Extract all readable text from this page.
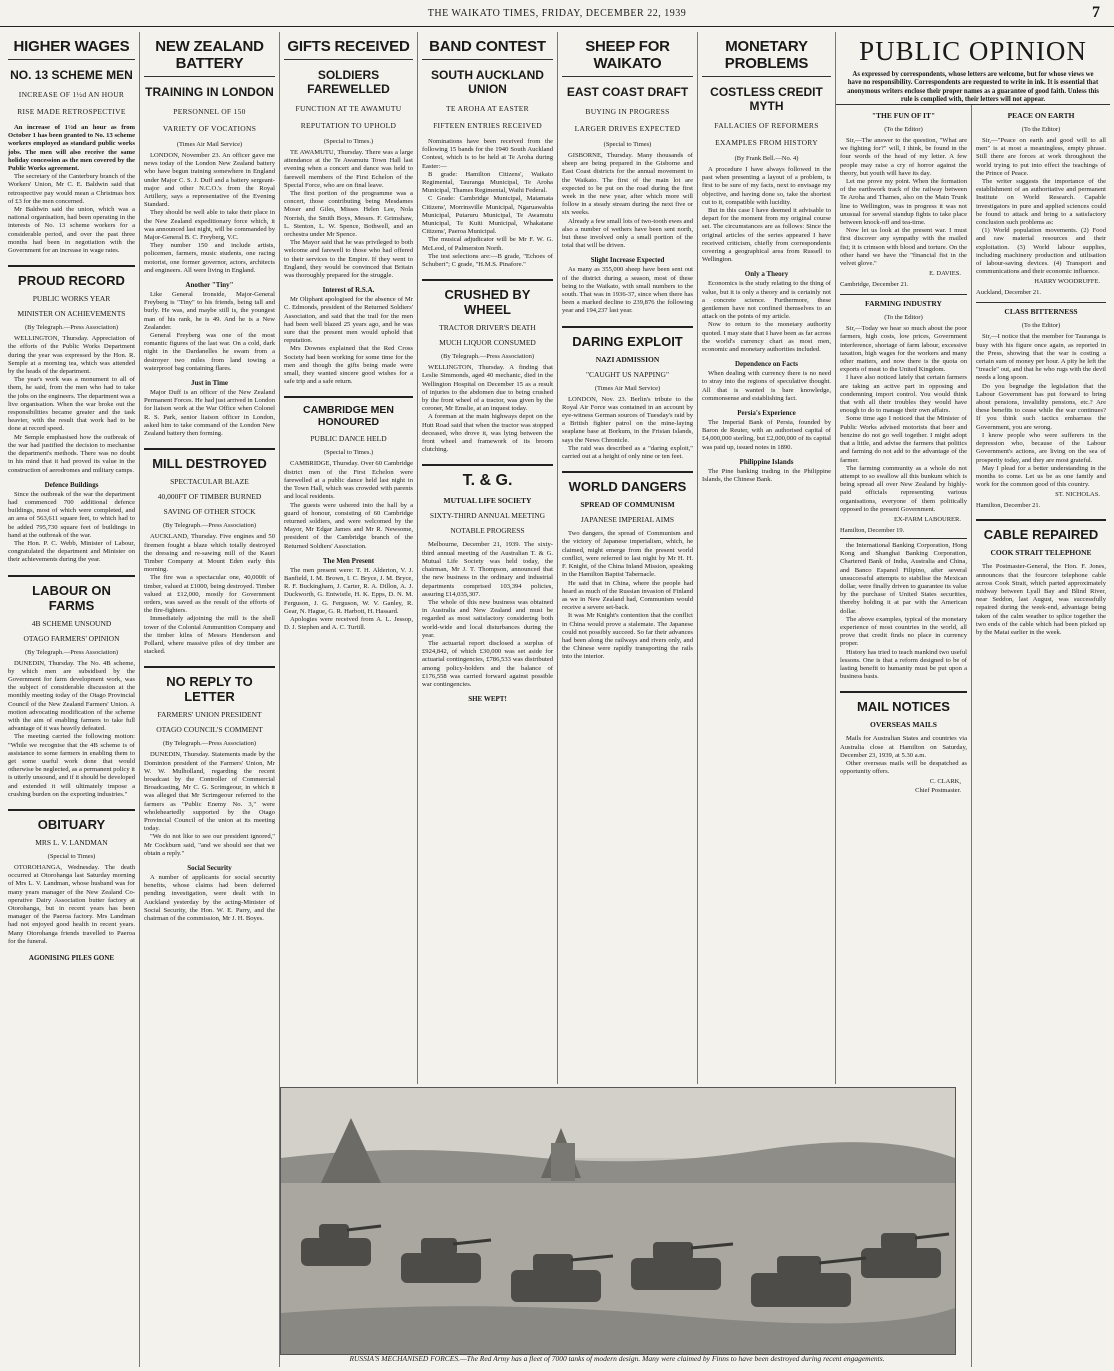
THE WAIKATO TIMES, FRIDAY, DECEMBER 22, 1939	7
HIGHER WAGES
NO. 13 SCHEME MEN
INCREASE OF 1½d AN HOUR
RISE MADE RETROSPECTIVE

An increase of 1½d an hour as from October 1 has been granted to No. 13 scheme workers employed as standard public works jobs. The men will also receive the same holiday concession as the men covered by the Public Works agreement.

The secretary of the Canterbury branch of the Workers' Union, Mr C. E. Baldwin said that retrospective pay would mean a Christmas box of £3 for the men concerned.

Mr Baldwin said the union, which was a national organisation, had been operating in the interests of No. 13 scheme workers for a considerable period, and over the past three months had been in negotiation with the Government for an increase in wage rates.

PROUD RECORD
PUBLIC WORKS YEAR
MINISTER ON ACHIEVEMENTS
(By Telegraph.—Press Association)

WELLINGTON, Thursday. Appreciation of the efforts of the Public Works Department during the year was expressed by the Hon. R. Semple at a morning tea, which was attended by the heads of the department.

The year's work was a monument to all of them, he said, from the men who had to take the jobs on the engineers. The department was a live organisation. When the war broke out the responsibilities became greater and the task heavier, with the result that work had to be done at record speed.

Mr Semple emphasised how the outbreak of the war had justified the decision to mechanise the department's methods. There was no doubt in his mind that it had proved its value in the construction of aerodromes and military camps.

Defence Buildings

Since the outbreak of the war the department had commenced 700 additional defence buildings, most of which were completed, and an area of 563,611 square feet, to which had to be added 795,730 square feet of buildings in hand at the outbreak of the war.

The Hon. P. C. Webb, Minister of Labour, congratulated the department and Minister on their achievements during the year.

LABOUR ON FARMS
4B SCHEME UNSOUND
OTAGO FARMERS' OPINION
(By Telegraph.—Press Association)

DUNEDIN, Thursday. The No. 4B scheme, by which men are subsidised by the Government for farm development work, was the subject of considerable discussion at the monthly meeting today of the Otago Provincial Council of the New Zealand Farmers' Union. A motion advocating modification of the scheme with the aim of enabling farmers to take full advantage of it was heavily defeated.

The meeting carried the following motion: "While we recognise that the 4B scheme is of assistance to some farmers in enabling them to get some useful work done that would otherwise be neglected, as a permanent policy it is utterly unsound, and if it should be developed and extended it will ultimately impose a crushing burden on the exporting industries."

OBITUARY
MRS L. V. LANDMAN
(Special to Times)

OTOROHANGA, Wednesday. The death occurred at Otorohanga last Saturday morning of Mrs L. V. Landman, whose husband was for many years manager of the New Zealand Co-operative Dairy Association butter factory at Otorohanga, but in recent years has been manager of the Paeroa factory. Mrs Landman had not enjoyed good health in recent years. Many Otorohanga friends travelled to Paeroa for the funeral.

AGONISING PILES GONE
NEW ZEALAND BATTERY
TRAINING IN LONDON
PERSONNEL OF 150
VARIETY OF VOCATIONS
(Times Air Mail Service)

LONDON, November 23. An officer gave me news today of the London New Zealand battery who have begun training somewhere in England under Major C. S. J. Duff and a battery sergeant-major and other N.C.O.'s from the Royal Artillery, says a representative of the Evening Standard.

They should be well able to take their place in the New Zealand expeditionary force which, it was announced last night, will be commanded by Major-General B. C. Freyberg, V.C.

They number 150 and include artists, policemen, farmers, music students, one racing motorist, one former governor, actors, architects and engineers. All were living in England.

Another "Tiny"

Like General Ironside, Major-General Freyberg is "Tiny" to his friends, being tall and burly. He was, and maybe still is, the youngest man of his rank, he is 49. And he is a New Zealander.

General Freyberg was one of the most romantic figures of the last war. On a cold, dark night in the Dardanelles he swam from a destroyer two miles from land towing a waterproof bag containing flares.

Just in Time

Major Duff is an officer of the New Zealand Permanent Forces. He had just arrived in London for liaison work at the War Office when Colonel R. S. Park, senior liaison officer in London, asked him to take command of the London New Zealand battery then forming.

MILL DESTROYED
SPECTACULAR BLAZE
40,000FT OF TIMBER BURNED
SAVING OF OTHER STOCK
(By Telegraph.—Press Association)

AUCKLAND, Thursday. Five engines and 50 firemen fought a blaze which totally destroyed the dressing and re-sawing mill of the Kauri Timber Company at Mount Eden early this morning.

The fire was a spectacular one, 40,000ft of timber, valued at £1000, being destroyed. Timber valued at £12,000, mostly for Government orders, was saved as the result of the efforts of the fire-fighters.

Immediately adjoining the mill is the shell tower of the Colonial Ammunition Company and the timber kilns of Messrs Henderson and Pollard, where massive piles of dry timber are stacked.

NO REPLY TO LETTER
FARMERS' UNION PRESIDENT
OTAGO COUNCIL'S COMMENT
(By Telegraph.—Press Association)

DUNEDIN, Thursday. Statements made by the Dominion president of the Farmers' Union, Mr W. W. Mulholland, regarding the recent broadcast by the Controller of Commercial Broadcasting, Mr C. G. Scrimgeour, in which it was alleged that Mr Scrimgeour referred to the farmers as "Public Enemy No. 3," were wholeheartedly supported by the Otago Provincial Council of the union at its meeting today.

"We do not like to see our president ignored," Mr Cockburn said, "and we should see that we obtain a reply."

Social Security

A number of applicants for social security benefits, whose claims had been deferred pending investigation, were dealt with in Auckland yesterday by the acting-Minister of Social Security, the Hon. W. E. Parry, and the chairman of the commission, Mr J. H. Boyes.

GIFTS RECEIVED
SOLDIERS FAREWELLED
FUNCTION AT TE AWAMUTU
REPUTATION TO UPHOLD
(Special to Times.)

TE AWAMUTU, Thursday. There was a large attendance at the Te Awamutu Town Hall last evening when a concert and dance was held to farewell members of the First Echelon of the Special Force, who are on final leave.

The first portion of the programme was a concert, those contributing being Mesdames Moser and Giles, Misses Helen Lee, Nola Norrish, the Smith Boys, Messrs. F. Grimshaw, L. Stenton, L. W. Spence, Bothwell, and an orchestra under Mr Spence.

The Mayor said that he was privileged to both welcome and farewell to those who had offered to their services to the Empire. If they went to England, they would be convinced that Britain was thoroughly prepared for the struggle.

Interest of R.S.A.

Mr Oliphant apologised for the absence of Mr C. Edmonds, president of the Returned Soldiers' Association, and said that the trail for the men had been well blazed 25 years ago, and he was sure that the present men would uphold that reputation.

Mrs Downes explained that the Red Cross Society had been working for some time for the men and though the gifts being made were small, they wanted sincere good wishes for a safe trip and a safe return.

CAMBRIDGE MEN HONOURED
PUBLIC DANCE HELD
(Special to Times.)

CAMBRIDGE, Thursday. Over 60 Cambridge district men of the First Echelon were farewelled at a public dance held last night in the Town Hall, which was crowded with parents and local residents.

The guests were ushered into the hall by a guard of honour, consisting of 60 Cambridge returned soldiers, and were welcomed by the Mayor, Mr Edgar James and Mr R. Newsome, president of the Cambridge branch of the Returned Soldiers' Association.

The Men Present

The men present were: T. H. Alderton, V. J. Banfield, I. M. Brown, I. C. Bryce, J. M. Bryce, R. F. Buckingham, J. Carter, R. A. Dillon, A. J. Duckworth, G. Entwistle, H. K. Epps, D. N. M. Ferguson, J. G. Ferguson, W. V. Ganley, R. Gear, N. Hague, G. R. Harbott, H. Hassard.

Apologies were received from A. L. Jessop, D. J. Stephen and A. C. Turtill.

BAND CONTEST
SOUTH AUCKLAND UNION
TE AROHA AT EASTER
FIFTEEN ENTRIES RECEIVED

Nominations have been received from the following 15 bands for the 1940 South Auckland Contest, which is to be held at Te Aroha during Easter:—

B grade: Hamilton Citizens', Waikato Regimental, Tauranga Municipal, Te Aroha Municipal, Thames Regimental, Waihi Federal.

C Grade: Cambridge Municipal, Matamata Citizens', Morrinsville Municipal, Ngaruawahia Municipal, Putaruru Municipal, Te Awamutu Municipal, Te Kuiti Municipal, Whakatane Citizens', Paeroa Municipal.

The musical adjudicator will be Mr F. W. G. McLeod, of Palmerston North.

The test selections are:—B grade, "Echoes of Schubert"; C grade, "H.M.S. Pinafore."

CRUSHED BY WHEEL
TRACTOR DRIVER'S DEATH
MUCH LIQUOR CONSUMED
(By Telegraph.—Press Association)

WELLINGTON, Thursday. A finding that Leslie Simmonds, aged 40 mechanic, died in the Wellington Hospital on December 15 as a result of injuries to the abdomen due to being crushed by the front wheel of a tractor, was given by the coroner, Mr Emslie, at an inquest today.

A foreman at the main highways depot on the Hutt Road said that when the tractor was stopped deceased, who drove it, was lying between the front wheel and framework of its broom clutching.

T. & G.
MUTUAL LIFE SOCIETY
SIXTY-THIRD ANNUAL MEETING
NOTABLE PROGRESS

Melbourne, December 21, 1939. The sixty-third annual meeting of the Australian T. & G. Mutual Life Society was held today, the chairman, Mr J. T. Thompson, announced that the new business in the ordinary and industrial departments comprised 103,394 policies, assuring £14,035,307.

The whole of this new business was obtained in Australia and New Zealand and must be regarded as most satisfactory considering both world-wide and local disturbances during the year.

The actuarial report disclosed a surplus of £924,842, of which £30,000 was set aside for actuarial contingencies, £786,533 was distributed among policy-holders and the balance of £176,558 was carried forward against possible war contingencies.

SHE WEPT!
SHEEP FOR WAIKATO
EAST COAST DRAFT
BUYING IN PROGRESS
LARGER DRIVES EXPECTED
(Special to Times)

GISBORNE, Thursday. Many thousands of sheep are being prepared in the Gisborne and East Coast districts for the annual movement to the Waikato. The first of the main lot are expected to be put on the road during the first week in the new year, after which more will follow in a steady stream during the next five or six weeks.

Already a few small lots of two-tooth ewes and also a number of wethers have been sent north, but these involved only a small portion of the total that will be driven.

Slight Increase Expected

As many as 355,000 sheep have been sent out of the district during a season, most of these being to the Waikato, with small numbers to the south. That was in 1936-37, since when there has been a marked decline to 239,876 the following year and 194,237 last year.

DARING EXPLOIT
NAZI ADMISSION
"CAUGHT US NAPPING"
(Times Air Mail Service)

LONDON, Nov. 23. Berlin's tribute to the Royal Air Force was contained in an account by eye-witness German sources of Tuesday's raid by a British fighter patrol on the mine-laying seaplane base at Borkum, in the Frisian Islands, says the News Chronicle.

The raid was described as a "daring exploit," carried out at a height of only nine or ten feet.

WORLD DANGERS
SPREAD OF COMMUNISM
JAPANESE IMPERIAL AIMS

Two dangers, the spread of Communism and the victory of Japanese imperialism, which, he claimed, might emerge from the present world conflict, were referred to last night by Mr H. H. F. Knight, of the China Inland Mission, speaking in the Hamilton Baptist Tabernacle.

He said that in China, where the people had heard as much of the Russian invasion of Finland as we in New Zealand had, Communism would receive a severe set-back.

It was Mr Knight's contention that the conflict in China would prove a stalemate. The Japanese could not possibly succeed. So far their advances had been along the railways and rivers only, and the Chinese were rapidly transporting the rails into the interior.

MONETARY PROBLEMS
COSTLESS CREDIT MYTH
FALLACIES OF REFORMERS
EXAMPLES FROM HISTORY
(By Frank Bell.—No. 4)

A procedure I have always followed in the past when presenting a layout of a problem, is first to be sure of my facts, next to envisage my objective, and having done so, take the shortest cut to it, compatible with lucidity.

But in this case I have deemed it advisable to depart for the moment from my original course set. The circumstances are as follows: Since the original articles of the series appeared I have received criticism, chiefly from correspondents covering a geographical area from Russell to Wellington.

Only a Theory

Economics is the study relating to the thing of value, but it is only a theory and is certainly not a concrete science. Furthermore, these gentlemen have not confined themselves to an attack on the points of my article.

Now to return to the monetary authority quoted. I may state that I have been as far across the world's currency chart as most men, economic and monetary authorities included.

Dependence on Facts

When dealing with currency there is no need to stray into the regions of speculative thought. All that is wanted is bare knowledge, commonsense and establishing fact.

Persia's Experience

The Imperial Bank of Persia, founded by Baron de Reuter, with an authorised capital of £4,000,000 sterling, but £2,000,000 of its capital was paid up, issued notes in 1890.

Philippine Islands

The Pine banking trading in the Philippine Islands, the Chinese Bank.

PUBLIC OPINION
As expressed by correspondents, whose letters are welcome, but for whose views we have no responsibility. Correspondents are requested to write in ink. It is essential that anonymous writers enclose their proper names as a guarantee of good faith. Unless this rule is complied with, their letters will not appear.
"THE FUN OF IT"
(To the Editor)

Sir,—The answer to the question, "What are we fighting for?" will, I think, be found in the four words of the head of my letter. A few people may raise a cry of horror against the theory, but youth will have its day.

Let me prove my point. When the formation of the earthwork track of the railway between Te Aroha and Thames, also on the Main Trunk line to Wellington, was in progress it was not unusual for several standup fights to take place between knock-off and tea-time.

Now let us look at the present war. I must first discover any sympathy with the mailed fist; it is crimson with blood and torture. On the other hand we have the "financial fist in the velvet glove."

E. DAVIES.
Cambridge, December 21.
FARMING INDUSTRY
(To the Editor)

Sir,—Today we hear so much about the poor farmers, high costs, low prices, Government interference, shortage of farm labour, excessive taxation, high wages for the workers and many other matters, and now there is the quota on exports of meat to the United Kingdom.

I have also noticed lately that certain farmers are taking an active part in opposing and condemning import control. You would think that with all their troubles they would have enough to do to manage their own affairs.

Some time ago I noticed that the Minister of Public Works advised motorists that beer and benzine do not go well together. I might adopt that a little, and advise the farmers that politics and farming do not add to the advantage of the farmer.

The farming community as a whole do not attempt to so swallow all this bunkum which is being spread all over New Zealand by highly-paid officials representing various organisations, everyone of them politically opposed to the present Government.

EX-FARM LABOURER.
Hamilton, December 19.

the International Banking Corporation, Hong Kong and Shanghai Banking Corporation, Chartered Bank of India, Australia and China, and Banco Espanol Filipino, after several unsuccessful attempts to stabilise the Mexican dollar, were finally driven to guarantee its value by the purchase of United States securities, thereby holding it at par with the American dollar.

The above examples, typical of the monetary experience of most countries in the world, all prove that credit finds no place in currency proper.

History has tried to teach mankind two useful lessons. One is that a reform designed to be of lasting benefit to humanity must be put upon a business basis.

MAIL NOTICES
OVERSEAS MAILS

Mails for Australian States and countries via Australia close at Hamilton on Saturday, December 23, 1939, at 5.30 a.m.

Other overseas mails will be despatched as opportunity offers.

C. CLARK,
Chief Postmaster.
PEACE ON EARTH
(To the Editor)

Sir,—"Peace on earth and good will to all men" is at most a meaningless, empty phrase. Still there are forces at work throughout the world trying to put into effect the teachings of the Prince of Peace.

The writer suggests the importance of the establishment of an authoritative and permanent Institute on World Research. Capable investigators in pure and applied sciences could be found to attack and bring to a satisfactory conclusion such problems as:

(1) World population movements. (2) Food and raw material resources and their exploitation. (3) World labour supplies, including machinery production and utilisation of labour-saving devices. (4) Transport and communications and their economic influence.

HARRY WOODRUFFE.
Auckland, December 21.
CLASS BITTERNESS
(To the Editor)

Sir,—I notice that the member for Tauranga is busy with his figure once again, as reported in the Press, showing that the war is costing a certain sum of money per hour. A pity he left the "treacle" out, and that he who rugs with the devil needs a long spoon.

Do you begrudge the legislation that the Labour Government has put forward to bring about pensions, invalidity pensions, etc.? Are these benefits to cease while the war continues? If you think such tactics embarrass the Government, you are wrong.

I know people who were sufferers in the depression who, because of the Labour Government's actions, are living on the sea of prosperity today, and they are most grateful.

May I plead for a better understanding in the months to come. Let us be as one family and work for the common good of this country.

ST. NICHOLAS.
Hamilton, December 21.
CABLE REPAIRED
COOK STRAIT TELEPHONE

The Postmaster-General, the Hon. F. Jones, announces that the fourcore telephone cable across Cook Strait, which parted approximately midway between Lyall Bay and Blind River, near Seddon, last August, was successfully repaired during the week-end, advantage being taken of the calm weather to splice together the two ends of the cable which had been picked up by the Matai earlier in the week.

RUSSIA'S MECHANISED FORCES.—The Red Army has a fleet of 7000 tanks of modern design. Many were claimed by Finns to have been destroyed during recent engagements.
